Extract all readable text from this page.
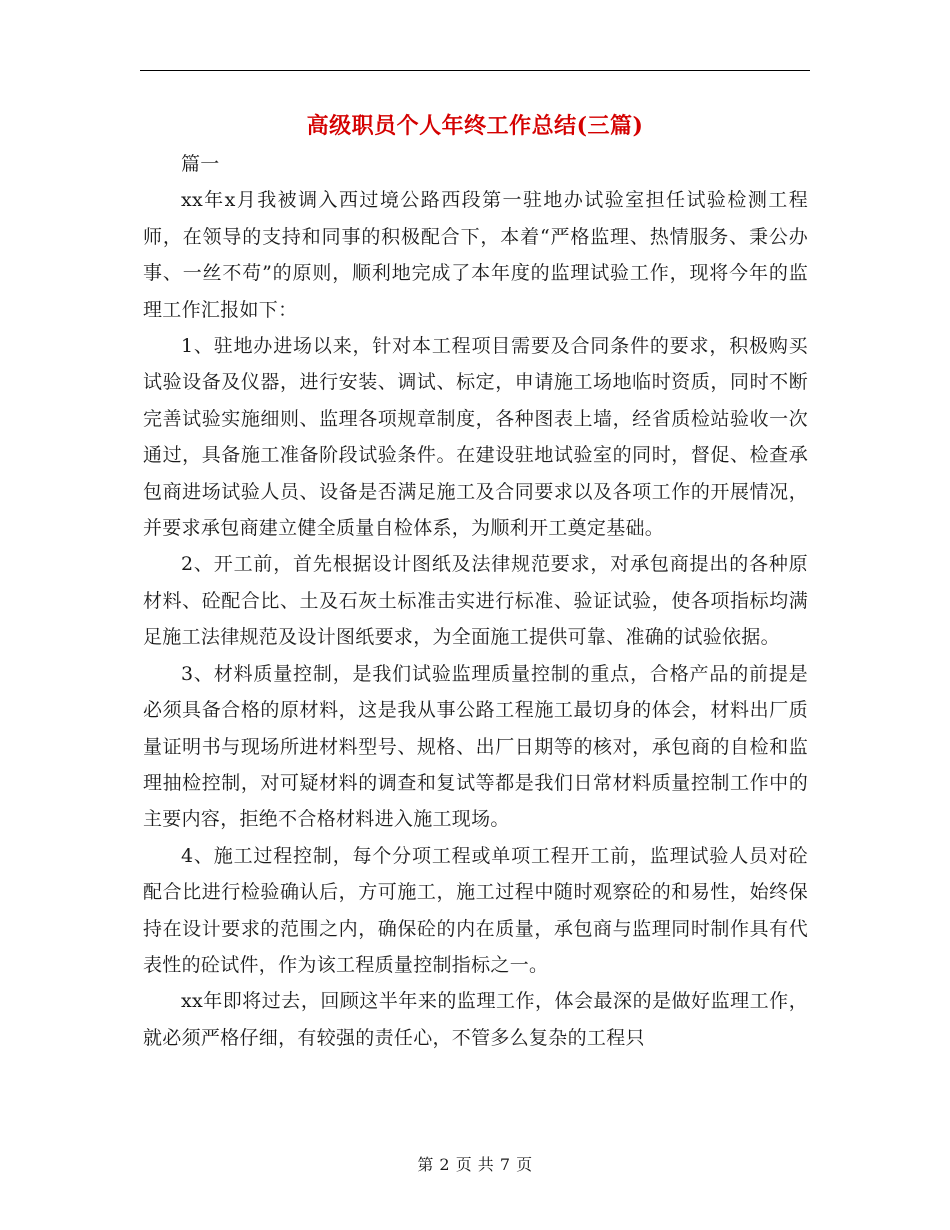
高级职员个人年终工作总结(三篇)

篇一

xx年x月我被调入西过境公路西段第一驻地办试验室担任试验检测工程师，在领导的支持和同事的积极配合下，本着“严格监理、热情服务、秉公办事、一丝不苟”的原则，顺利地完成了本年度的监理试验工作，现将今年的监理工作汇报如下：

1、驻地办进场以来，针对本工程项目需要及合同条件的要求，积极购买试验设备及仪器，进行安装、调试、标定，申请施工场地临时资质，同时不断完善试验实施细则、监理各项规章制度，各种图表上墙，经省质检站验收一次通过，具备施工准备阶段试验条件。在建设驻地试验室的同时，督促、检查承包商进场试验人员、设备是否满足施工及合同要求以及各项工作的开展情况，并要求承包商建立健全质量自检体系，为顺利开工奠定基础。

2、开工前，首先根据设计图纸及法律规范要求，对承包商提出的各种原材料、砼配合比、土及石灰土标准击实进行标准、验证试验，使各项指标均满足施工法律规范及设计图纸要求，为全面施工提供可靠、准确的试验依据。

3、材料质量控制，是我们试验监理质量控制的重点，合格产品的前提是必须具备合格的原材料，这是我从事公路工程施工最切身的体会，材料出厂质量证明书与现场所进材料型号、规格、出厂日期等的核对，承包商的自检和监理抽检控制，对可疑材料的调查和复试等都是我们日常材料质量控制工作中的主要内容，拒绝不合格材料进入施工现场。

4、施工过程控制，每个分项工程或单项工程开工前，监理试验人员对砼配合比进行检验确认后，方可施工，施工过程中随时观察砼的和易性，始终保持在设计要求的范围之内，确保砼的内在质量，承包商与监理同时制作具有代表性的砼试件，作为该工程质量控制指标之一。

xx年即将过去，回顾这半年来的监理工作，体会最深的是做好监理工作，就必须严格仔细，有较强的责任心，不管多么复杂的工程只

第 2 页 共 7 页
